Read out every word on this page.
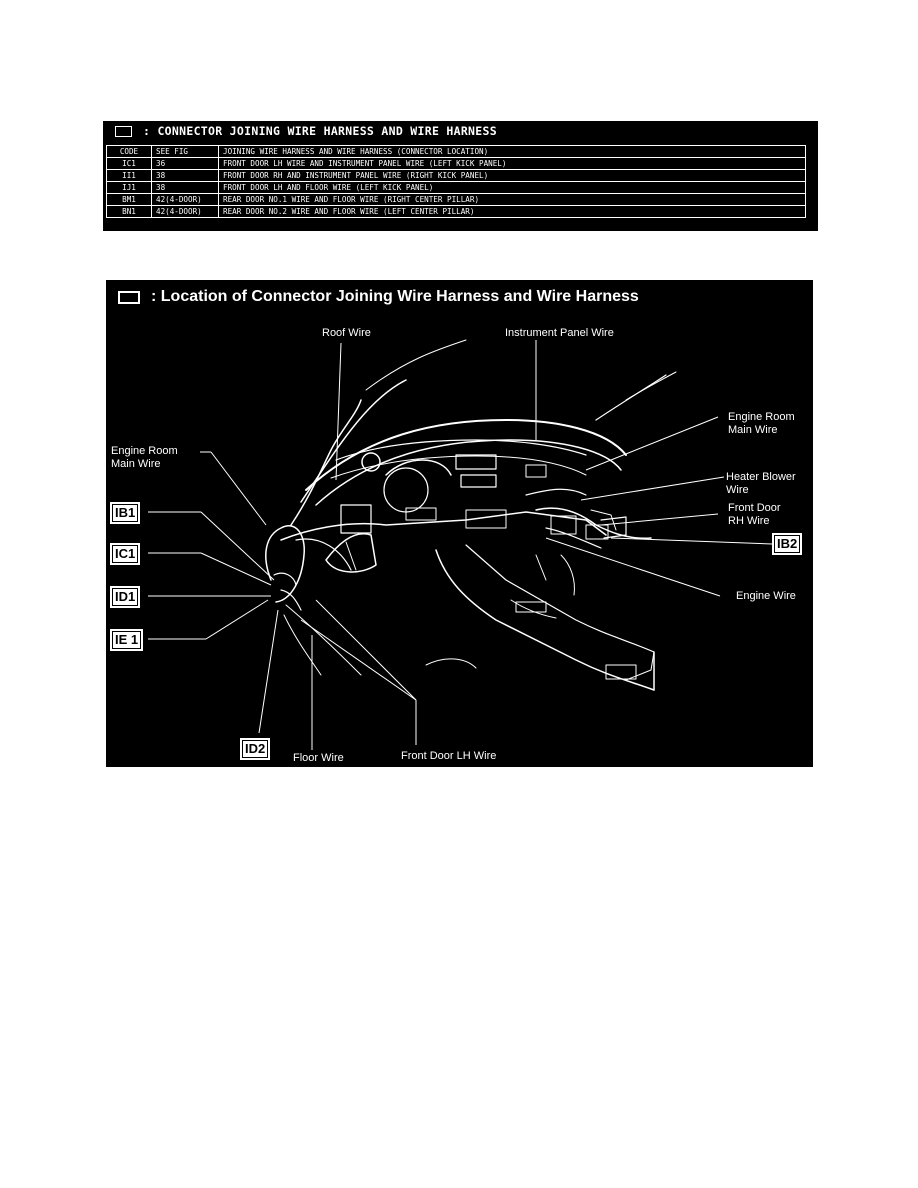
: CONNECTOR JOINING WIRE HARNESS AND WIRE HARNESS
CODE	SEE FIG	JOINING WIRE HARNESS AND WIRE HARNESS (CONNECTOR LOCATION)
IC1	36	FRONT DOOR LH WIRE AND INSTRUMENT PANEL WIRE (LEFT KICK PANEL)
II1	38	FRONT DOOR RH AND INSTRUMENT PANEL WIRE (RIGHT KICK PANEL)
IJ1	38	FRONT DOOR LH AND FLOOR WIRE (LEFT KICK PANEL)
BM1	42(4-DOOR)	REAR DOOR NO.1 WIRE AND FLOOR WIRE (RIGHT CENTER PILLAR)
BN1	42(4-DOOR)	REAR DOOR NO.2 WIRE AND FLOOR WIRE (LEFT CENTER PILLAR)
: Location of Connector Joining Wire Harness and Wire Harness
Roof Wire	Instrument Panel Wire
Engine Room
Main Wire
Engine Room
Main Wire
Heater Blower
Wire
Front Door
RH Wire
Engine Wire
Floor Wire	Front Door LH Wire
IB1
IC1
ID1
IE 1
ID2
IB2
